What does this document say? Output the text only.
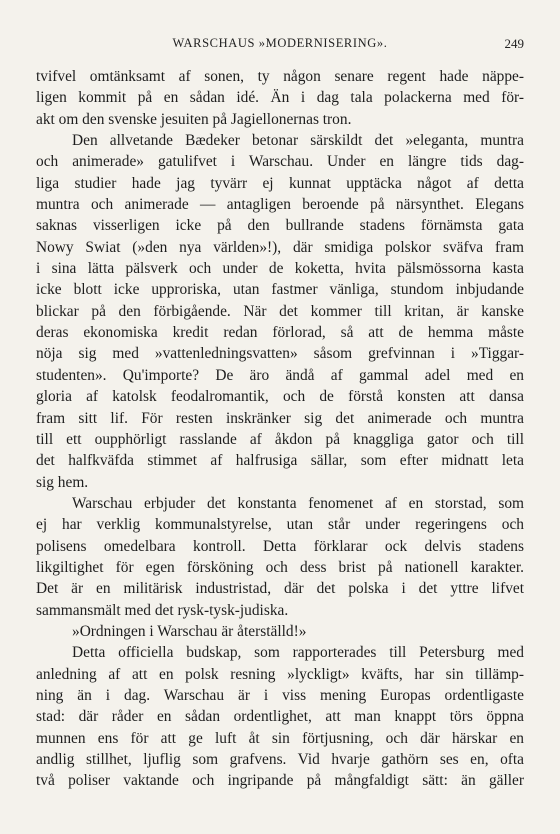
WARSCHAUS »MODERNISERING».	249
tvifvel omtänksamt af sonen, ty någon senare regent hade näppe-
ligen kommit på en sådan idé. Än i dag tala polackerna med för-
akt om den svenske jesuiten på Jagiellonernas tron.
Den allvetande Bædeker betonar särskildt det »eleganta, muntra
och animerade» gatulifvet i Warschau. Under en längre tids dag-
liga studier hade jag tyvärr ej kunnat upptäcka något af detta
muntra och animerade — antagligen beroende på närsynthet. Elegans
saknas visserligen icke på den bullrande stadens förnämsta gata
Nowy Swiat (»den nya världen»!), där smidiga polskor sväfva fram
i sina lätta pälsverk och under de koketta, hvita pälsmössorna kasta
icke blott icke upproriska, utan fastmer vänliga, stundom inbjudande
blickar på den förbigående. När det kommer till kritan, är kanske
deras ekonomiska kredit redan förlorad, så att de hemma måste
nöja sig med »vattenledningsvatten» såsom grefvinnan i »Tiggar-
studenten». Qu'importe? De äro ändå af gammal adel med en
gloria af katolsk feodalromantik, och de förstå konsten att dansa
fram sitt lif. För resten inskränker sig det animerade och muntra
till ett oupphörligt rasslande af åkdon på knaggliga gator och till
det halfkväfda stimmet af halfrusiga sällar, som efter midnatt leta
sig hem.
Warschau erbjuder det konstanta fenomenet af en storstad, som
ej har verklig kommunalstyrelse, utan står under regeringens och
polisens omedelbara kontroll. Detta förklarar ock delvis stadens
likgiltighet för egen försköning och dess brist på nationell karakter.
Det är en militärisk industristad, där det polska i det yttre lifvet
sammansmält med det rysk-tysk-judiska.
»Ordningen i Warschau är återställd!»
Detta officiella budskap, som rapporterades till Petersburg med
anledning af att en polsk resning »lyckligt» kväfts, har sin tillämp-
ning än i dag. Warschau är i viss mening Europas ordentligaste
stad: där råder en sådan ordentlighet, att man knappt törs öppna
munnen ens för att ge luft åt sin förtjusning, och där härskar en
andlig stillhet, ljuflig som grafvens. Vid hvarje gathörn ses en, ofta
två poliser vaktande och ingripande på mångfaldigt sätt: än gäller
